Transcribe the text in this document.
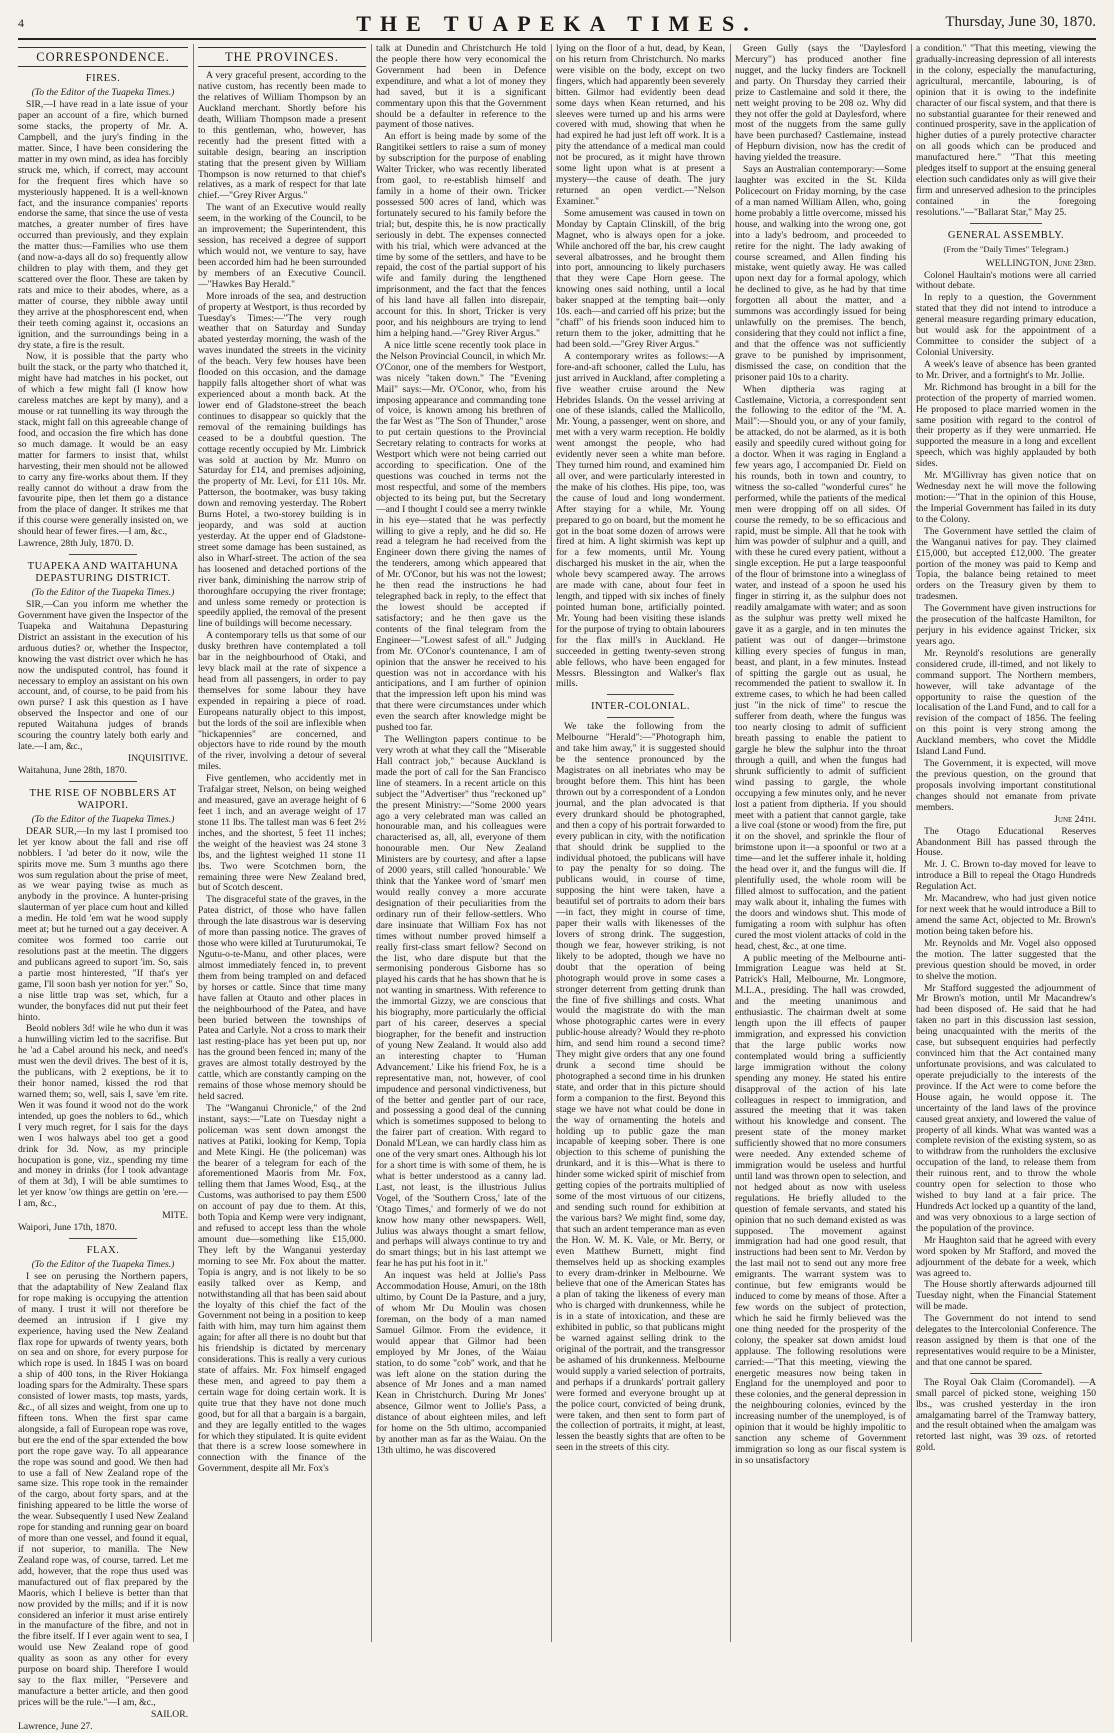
4	THE TUAPEKA TIMES.	Thursday, June 30, 1870.
CORRESPONDENCE.
FIRES.

(To the Editor of the Tuapeka Times.)

SIR,—I have read in a late issue of your paper an account of a fire, which burned some stacks, the property of Mr. A. Campbell, and the jury's finding in the matter. Since, I have been considering the matter in my own mind, as idea has forcibly struck me, which, if correct, may account for the frequent fires which have so mysteriously happened. It is a well-known fact, and the insurance companies' reports endorse the same, that since the use of vesta matches, a greater number of fires have occurred than previously, and they explain the matter thus:—Families who use them (and now-a-days all do so) frequently allow children to play with them, and they get scattered over the floor. These are taken by rats and mice to their abodes, where, as a matter of course, they nibble away until they arrive at the phosphorescent end, when their teeth coming against it, occasions an ignition, and the surroundings being in a dry state, a fire is the result.

Now, it is possible that the party who built the stack, or the party who thatched it, might have had matches in his pocket, out of which a few might fall (I know how careless matches are kept by many), and a mouse or rat tunnelling its way through the stack, might fall on this agreeable change of food, and occasion the fire which has done so much damage. It would be an easy matter for farmers to insist that, whilst harvesting, their men should not be allowed to carry any fire-works about them. If they really cannot do without a draw from the favourite pipe, then let them go a distance from the place of danger. It strikes me that if this course were generally insisted on, we should hear of fewer fires.—I am, &c.,

Lawrence, 28th July, 1870. D.

TUAPEKA AND WAITAHUNA DEPASTURING DISTRICT.

(To the Editor of the Tuapeka Times.)

SIR,—Can you inform me whether the Government have given the Inspector of the Tuapeka and Waitahuna Depasturing District an assistant in the execution of his arduous duties? or, whether the Inspector, knowing the vast district over which he has now the undisputed control, has found it necessary to employ an assistant on his own account, and, of course, to be paid from his own purse? I ask this question as I have observed the Inspector and one of our reputed Waitahuna judges of brands scouring the country lately both early and late.—I am, &c.,

INQUISITIVE.

Waitahuna, June 28th, 1870.

THE RISE OF NOBBLERS AT WAIPORI.

(To the Editor of the Tuapeka Times.)

DEAR SUR,—In my last I promised too let yer know about the fall and rise off nobblers. I 'ad beter do it now, wile the spirits move me. Sum 3 munths ago there wos sum regulation about the prise of meet, as we wear paying twise as much as anybody in the province. A hunter-prising slauterman of yer place cum hout and killed a medin. He told 'em wat he wood supply meet at; but he turned out a gay deceiver. A comitee wos formed too carrie out resolutions past at the meetin. The diggers and publicans agreed to suport 'im. So, sais a partie most hinterested, "If that's yer game, I'll soon bash yer notion for yer." So, a nise little trap was set, which, fur a wunder, the bonyfaces did nut put their feet hinto.

Beold noblers 3d! wile he who dun it was a hunwilling victim led to the sacrifise. But he 'ad a Cabel around his neck, and need's must wen the devil drives. The best of it is, the publicans, with 2 exeptions, be it to their honor named, kissed the rod that warned them; so, well, sais I, save 'em rite. Wen it was found it wood not do the work intended, up goes the noblers to 6d., which I very much regret, for I sais for the days wen I wos halways abel too get a good drink for 3d. Now, as my principle hocupation is gone, viz., spending my time and money in drinks (for I took advantage of them at 3d), I will be able sumtimes to let yer know 'ow things are gettin on 'ere.—I am, &c.,

MITE.

Waipori, June 17th, 1870.

FLAX.

(To the Editor of the Tuapeka Times.)

I see on perusing the Northern papers, that the adaptability of New Zealand flax for rope making is occupying the attention of many. I trust it will not therefore be deemed an intrusion if I give my experience, having used the New Zealand flax rope for upwards of twenty years, both on sea and on shore, for every purpose for which rope is used. In 1845 I was on board a ship of 400 tons, in the River Hokianga loading spars for the Admiralty. These spars consisted of lower masts, top masts, yards, &c., of all sizes and weight, from one up to fifteen tons. When the first spar came alongside, a fall of European rope was rove, but ere the end of the spar extended the bow port the rope gave way. To all appearance the rope was sound and good. We then had to use a fall of New Zealand rope of the same size. This rope took in the remainder of the cargo, about forty spars, and at the finishing appeared to be little the worse of the wear. Subsequently I used New Zealand rope for standing and running gear on board of more than one vessel, and found it equal, if not superior, to manilla. The New Zealand rope was, of course, tarred. Let me add, however, that the rope thus used was manufactured out of flax prepared by the Maoris, which I believe is better than that now provided by the mills; and if it is now considered an inferior it must arise entirely in the manufacture of the fibre, and not in the fibre itself. If I ever again went to sea, I would use New Zealand rope of good quality as soon as any other for every purpose on board ship. Therefore I would say to the flax miller, "Persevere and manufacture a better article, and then good prices will be the rule."—I am, &c.,

SAILOR.

Lawrence, June 27.

THE PROVINCES.

A very graceful present, according to the native custom, has recently been made to the relatives of William Thompson by an Auckland merchant. Shortly before his death, William Thompson made a present to this gentleman, who, however, has recently had the present fitted with a suitable design, bearing an inscription stating that the present given by William Thompson is now returned to that chief's relatives, as a mark of respect for that late chief.—"Grey River Argus."

The want of an Executive would really seem, in the working of the Council, to be an improvement; the Superintendent, this session, has received a degree of support which would not, we venture to say, have been accorded him had he been surrounded by members of an Executive Council.—"Hawkes Bay Herald."

More inroads of the sea, and destruction of property at Westport, is thus recorded by Tuesday's Times:—"The very rough weather that on Saturday and Sunday abated yesterday morning, the wash of the waves inundated the streets in the vicinity of the beach. Very few houses have been flooded on this occasion, and the damage happily falls altogether short of what was experienced about a month back. At the lower end of Gladstone-street the beach continues to disappear so quickly that the removal of the remaining buildings has ceased to be a doubtful question. The cottage recently occupied by Mr. Limbrick was sold at auction by Mr. Munro on Saturday for £14, and premises adjoining, the property of Mr. Levi, for £11 10s. Mr. Patterson, the bootmaker, was busy taking down and removing yesterday. The Robert Burns Hotel, a two-storey building is in jeopardy, and was sold at auction yesterday. At the upper end of Gladstone-street some damage has been sustained, as also in Wharf-street. The action of the sea has loosened and detached portions of the river bank, diminishing the narrow strip of thoroughfare occupying the river frontage; and unless some remedy or protection is speedily applied, the removal of the present line of buildings will become necessary.

A contemporary tells us that some of our dusky brethren have contemplated a toll bar in the neighbourhood of Otaki, and levy black mail at the rate of sixpence a head from all passengers, in order to pay themselves for some labour they have expended in repairing a piece of road. Europeans naturally object to this impost, but the lords of the soil are inflexible when "hickapennies" are concerned, and objectors have to ride round by the mouth of the river, involving a detour of several miles.

Five gentlemen, who accidently met in Trafalgar street, Nelson, on being weighed and measured, gave an average height of 6 feet 1 inch, and an average weight of 17 stone 11 lbs. The tallest man was 6 feet 2½ inches, and the shortest, 5 feet 11 inches; the weight of the heaviest was 24 stone 3 lbs, and the lightest weighed 11 stone 11 lbs. Two were Scotchmen born, the remaining three were New Zealand bred, but of Scotch descent.

The disgraceful state of the graves, in the Patea district, of those who have fallen through the late disastrous war is deserving of more than passing notice. The graves of those who were killed at Turuturumokai, Te Ngutu-o-te-Manu, and other places, were almost immediately fenced in, to prevent them from being trampled on and defaced by horses or cattle. Since that time many have fallen at Otauto and other places in the neighbourhood of the Patea, and have been buried between the townships of Patea and Carlyle. Not a cross to mark their last resting-place has yet been put up, nor has the ground been fenced in; many of the graves are almost totally destroyed by the cattle, which are constantly camping on the remains of those whose memory should be held sacred.

The "Wanganui Chronicle," of the 2nd instant, says:—"Late on Tuesday night a policeman was sent down amongst the natives at Patiki, looking for Kemp, Topia and Mete Kingi. He (the policeman) was the bearer of a telegram for each of the aforementioned Maoris from Mr. Fox, telling them that James Wood, Esq., at the Customs, was authorised to pay them £500 on account of pay due to them. At this, both Topia and Kemp were very indignant, and refused to accept less than the whole amount due—something like £15,000. They left by the Wanganui yesterday morning to see Mr. Fox about the matter. Topia is angry, and is not likely to be so easily talked over as Kemp, and notwithstanding all that has been said about the loyalty of this chief the fact of the Government not being in a position to keep faith with him, may turn him against them again; for after all there is no doubt but that his friendship is dictated by mercenary considerations. This is really a very curious state of affairs. Mr. Fox himself engaged these men, and agreed to pay them a certain wage for doing certain work. It is quite true that they have not done much good, but for all that a bargain is a bargain, and they are legally entitled to the wages for which they stipulated. It is quite evident that there is a screw loose somewhere in connection with the finance of the Government, despite all Mr. Fox's

talk at Dunedin and Christchurch He told the people there how very economical the Government had been in Defence expenditure, and what a lot of money they had saved, but it is a significant commentary upon this that the Government should be a defaulter in reference to the payment of those natives.

An effort is being made by some of the Rangitikei settlers to raise a sum of money by subscription for the purpose of enabling Walter Tricker, who was recently liberated from gaol, to re-establish himself and family in a home of their own. Tricker possessed 500 acres of land, which was fortunately secured to his family before the trial; but, despite this, he is now practically seriously in debt. The expenses connected with his trial, which were advanced at the time by some of the settlers, and have to be repaid, the cost of the partial support of his wife and family during the lengthened imprisonment, and the fact that the fences of his land have all fallen into disrepair, account for this. In short, Tricker is very poor, and his neighbours are trying to lend him a helping hand.—"Grey River Argus."

A nice little scene recently took place in the Nelson Provincial Council, in which Mr. O'Conor, one of the members for Westport, was nicely "taken down." The "Evening Mail" says:—Mr. O'Conor, who, from his imposing appearance and commanding tone of voice, is known among his brethren of the far West as "The Son of Thunder," arose to put certain questions to the Provincial Secretary relating to contracts for works at Westport which were not being carried out according to specification. One of the questions was couched in terms not the most respectful, and some of the members objected to its being put, but the Secretary—and I thought I could see a merry twinkle in his eye—stated that he was perfectly willing to give a reply, and he did so. He read a telegram he had received from the Engineer down there giving the names of the tenderers, among which appeared that of Mr. O'Conor, but his was not the lowest; he then read the instructions he had telegraphed back in reply, to the effect that the lowest should be accepted if satisfactory; and he then gave us the contents of the final telegram from the Engineer—"Lowest safest of all." Judging from Mr. O'Conor's countenance, I am of opinion that the answer he received to his question was not in accordance with his anticipations, and I am further of opinion that the impression left upon his mind was that there were circumstances under which even the search after knowledge might be pushed too far.

The Wellington papers continue to be very wroth at what they call the "Miserable Hall contract job," because Auckland is made the port of call for the San Francisco line of steamers. In a recent article on this subject the "Advertiser" thus "reckoned up" the present Ministry:—"Some 2000 years ago a very celebrated man was called an honourable man, and his colleagues were characterised as, all, all, everyone of them honourable men. Our New Zealand Ministers are by courtesy, and after a lapse of 2000 years, still called 'honourable.' We think that the Yankee word of 'smart' men would really convey a more accurate designation of their peculiarities from the ordinary run of their fellow-settlers. Who dare insinuate that William Fox has not times without number proved himself a really first-class smart fellow? Second on the list, who dare dispute but that the sermonising ponderous Gisborne has so played his cards that he has shown that he is not wanting in smartness. With reference to the immortal Gizzy, we are conscious that his biography, more particularly the official part of his career, deserves a special biographer, for the benefit and instruction of young New Zealand. It would also add an interesting chapter to 'Human Advancement.' Like his friend Fox, he is a representative man, not, however, of cool impudence and personal vindictiveness, but of the better and gentler part of our race, and possessing a good deal of the cunning which is sometimes supposed to belong to the fairer part of creation. With regard to Donald M'Lean, we can hardly class him as one of the very smart ones. Although his lot for a short time is with some of them, he is what is better understood as a canny lad. Last, not least, is the illustrious Julius Vogel, of the 'Southern Cross,' late of the 'Otago Times,' and formerly of we do not know how many other newspapers. Well, Julius was always thought a smart fellow, and perhaps will always continue to try and do smart things; but in his last attempt we fear he has put his foot in it."

An inquest was held at Jollie's Pass Accommodation House, Amuri, on the 18th ultimo, by Count De la Pasture, and a jury, of whom Mr Du Moulin was chosen foreman, on the body of a man named Samuel Gilmor. From the evidence, it would appear that Gilmor had been employed by Mr Jones, of the Waiau station, to do some "cob" work, and that he was left alone on the station during the absence of Mr Jones and a man named Kean in Christchurch. During Mr Jones' absence, Gilmor went to Jollie's Pass, a distance of about eighteen miles, and left for home on the 5th ultimo, accompanied by another man as far as the Waiau. On the 13th ultimo, he was discovered

lying on the floor of a hut, dead, by Kean, on his return from Christchurch. No marks were visible on the body, except on two fingers, which had apparently been severely bitten. Gilmor had evidently been dead some days when Kean returned, and his sleeves were turned up and his arms were covered with mud, showing that when he had expired he had just left off work. It is a pity the attendance of a medical man could not be procured, as it might have thrown some light upon what is at present a mystery—the cause of death. The jury returned an open verdict.—"Nelson Examiner."

Some amusement was caused in town on Monday by Captain Clinskill, of the brig Magnet, who is always open for a joke. While anchored off the bar, his crew caught several albatrosses, and he brought them into port, announcing to likely purchasers that they were Cape Horn geese. The knowing ones said nothing, until a local baker snapped at the tempting bait—only 10s. each—and carried off his prize; but the "chaff" of his friends soon induced him to return them to the joker, admitting that he had been sold.—"Grey River Argus."

A contemporary writes as follows:—A fore-and-aft schooner, called the Lulu, has just arrived in Auckland, after completing a five weather cruise around the New Hebrides Islands. On the vessel arriving at one of these islands, called the Mallicollo, Mr. Young, a passenger, went on shore, and met with a very warm reception. He boldly went amongst the people, who had evidently never seen a white man before. They turned him round, and examined him all over, and were particularly interested in the make of his clothes. His pipe, too, was the cause of loud and long wonderment. After staying for a while, Mr. Young prepared to go on board, but the moment he got in the boat some dozen of arrows were fired at him. A light skirmish was kept up for a few moments, until Mr. Young discharged his musket in the air, when the whole bevy scampered away. The arrows are made with cane, about four feet in length, and tipped with six inches of finely pointed human bone, artificially pointed. Mr. Young had been visiting these islands for the purpose of trying to obtain labourers for the flax mill's in Auckland. He succeeded in getting twenty-seven strong able fellows, who have been engaged for Messrs. Blessington and Walker's flax mills.

INTER-COLONIAL.

We take the following from the Melbourne "Herald":—"Photograph him, and take him away," it is suggested should be the sentence pronounced by the Magistrates on all inebriates who may be brought before them. This hint has been thrown out by a correspondent of a London journal, and the plan advocated is that every drunkard should be photographed, and then a copy of his portrait forwarded to every publican in city, with the notification that should drink be supplied to the individual photoed, the publicans will have to pay the penalty for so doing. The publicans would, in course of time, supposing the hint were taken, have a beautiful set of portraits to adorn their bars—in fact, they might in course of time, paper their walls with likenesses of the lovers of strong drink. The suggestion, though we fear, however striking, is not likely to be adopted, though we have no doubt that the operation of being photograph would prove in some cases a stronger deterrent from getting drunk than the fine of five shillings and costs. What would the magistrate do with the man whose photographic cartes were in every public-house already? Would they re-photo him, and send him round a second time? They might give orders that any one found drunk a second time should be photographed a second time in his drunken state, and order that in this picture should form a companion to the first. Beyond this stage we have not what could be done in the way of ornamenting the hotels and holding up to public gaze the man incapable of keeping sober. There is one objection to this scheme of punishing the drunkard, and it is this—What is there to hinder some wicked spirit of mischief from getting copies of the portraits multiplied of some of the most virtuous of our citizens, and sending such round for exhibition at the various bars? We might find, some day, that such an ardent temperance man as even the Hon. W. M. K. Vale, or Mr. Berry, or even Matthew Burnett, might find themselves held up as shocking examples to every dram-drinker in Melbourne. We believe that one of the American States has a plan of taking the likeness of every man who is charged with drunkenness, while he is in a state of intoxication, and these are exhibited in public, so that publicans might be warned against selling drink to the original of the portrait, and the transgressor be ashamed of his drunkenness. Melbourne would supply a varied selection of portraits, and perhaps if a drunkards' portrait gallery were formed and everyone brought up at the police court, convicted of being drunk, were taken, and then sent to form part of the collection of portraits, it might, at least, lessen the beastly sights that are often to be seen in the streets of this city.

Green Gully (says the "Daylesford Mercury") has produced another fine nugget, and the lucky finders are Tocknell and party. On Thursday they carried their prize to Castlemaine and sold it there, the nett weight proving to be 208 oz. Why did they not offer the gold at Daylesford, where most of the nuggets from the same gully have been purchased? Castlemaine, instead of Hepburn division, now has the credit of having yielded the treasure.

Says an Australian contemporary:—Some laughter was excited in the St. Kilda Policecourt on Friday morning, by the case of a man named William Allen, who, going home probably a little overcome, missed his house, and walking into the wrong one, got into a lady's bedroom, and proceeded to retire for the night. The lady awaking of course screamed, and Allen finding his mistake, went quietly away. He was called upon next day for a formal apology, which he declined to give, as he had by that time forgotten all about the matter, and a summons was accordingly issued for being unlawfully on the premises. The bench, considering that they could not inflict a fine, and that the offence was not sufficiently grave to be punished by imprisonment, dismissed the case, on condition that the prisoner paid 10s to a charity.

When diptheria was raging at Castlemaine, Victoria, a correspondent sent the following to the editor of the "M. A. Mail":—Should you, or any of your family, be attacked, do not be alarmed, as it is both easily and speedily cured without going for a doctor. When it was raging in England a few years ago, I accompanied Dr. Field on his rounds, both in town and country, to witness the so-called "wonderful cures" he performed, while the patients of the medical men were dropping off on all sides. Of course the remedy, to be so efficacious and rapid, must be simple. All that he took with him was powder of sulphur and a quill, and with these he cured every patient, without a single exception. He put a large teaspoonful of the flour of brimstone into a wineglass of water, and instead of a spoon he used his finger in stirring it, as the sulphur does not readily amalgamate with water; and as soon as the sulphur was pretty well mixed he gave it as a gargle, and in ten minutes the patient was out of danger—brimstone killing every species of fungus in man, beast, and plant, in a few minutes. Instead of spitting the gargle out as usual, he recommended the patient to swallow it. In extreme cases, to which he had been called just "in the nick of time" to rescue the sufferer from death, where the fungus was too nearly closing to admit of sufficient breath passing to enable the patient to gargle he blew the sulphur into the throat through a quill, and when the fungus had shrunk sufficiently to admit of sufficient wind passing to gargle, the whole occupying a few minutes only, and he never lost a patient from diptheria. If you should meet with a patient that cannot gargle, take a live coal (stone or wood) from the fire, put it on the shovel, and sprinkle the flour of brimstone upon it—a spoonful or two at a time—and let the sufferer inhale it, holding the head over it, and the fungus will die. If plentifully used, the whole room will be filled almost to suffocation, and the patient may walk about it, inhaling the fumes with the doors and windows shut. This mode of fumigating a room with sulphur has often cured the most violent attacks of cold in the head, chest, &c., at one time.

A public meeting of the Melbourne anti-Immigration League was held at St. Patrick's Hall, Melbourne, Mr. Longmore, M.L.A., presiding. The hall was crowded, and the meeting unanimous and enthusiastic. The chairman dwelt at some length upon the ill effects of pauper immigration, and expressed his conviction that the large public works now contemplated would bring a sufficiently large immigration without the colony spending any money. He stated his entire disapproval of the action of his late colleagues in respect to immigration, and assured the meeting that it was taken without his knowledge and consent. The present state of the money market sufficiently showed that no more consumers were needed. Any extended scheme of immigration would be useless and hurtful until land was thrown open to selection, and not hedged about as now with useless regulations. He briefly alluded to the question of female servants, and stated his opinion that no such demand existed as was supposed. The movement against immigration had had one good result, that instructions had been sent to Mr. Verdon by the last mail not to send out any more free emigrants. The warrant system was to continue, but few emigrants would be induced to come by means of those. After a few words on the subject of protection, which he said he firmly believed was the one thing needed for the prosperity of the colony, the speaker sat down amidst loud applause. The following resolutions were carried:—"That this meeting, viewing the energetic measures now being taken in England for the unemployed and poor to these colonies, and the general depression in the neighbouring colonies, evinced by the increasing number of the unemployed, is of opinion that it would be highly impolitic to sanction any scheme of Government immigration so long as our fiscal system is in so unsatisfactory

a condition." "That this meeting, viewing the gradually-increasing depression of all interests in the colony, especially the manufacturing, agricultural, mercantile, labouring, is of opinion that it is owing to the indefinite character of our fiscal system, and that there is no substantial guarantee for their renewed and continued prosperity, save in the application of higher duties of a purely protective character on all goods which can be produced and manufactured here." "That this meeting pledges itself to support at the ensuing general election such candidates only as will give their firm and unreserved adhesion to the principles contained in the foregoing resolutions."—"Ballarat Star," May 25.

GENERAL ASSEMBLY.
(From the "Daily Times" Telegram.)

WELLINGTON, June 23rd.

Colonel Haultain's motions were all carried without debate.

In reply to a question, the Government stated that they did not intend to introduce a general measure regarding primary education, but would ask for the appointment of a Committee to consider the subject of a Colonial University.

A week's leave of absence has been granted to Mr. Driver, and a fortnight's to Mr. Jollie.

Mr. Richmond has brought in a bill for the protection of the property of married women. He proposed to place married women in the same position with regard to the control of their property as if they were unmarried. He supported the measure in a long and excellent speech, which was highly applauded by both sides.

Mr. M'Gillivray has given notice that on Wednesday next he will move the following motion:—"That in the opinion of this House, the Imperial Government has failed in its duty to the Colony.

The Government have settled the claim of the Wanganui natives for pay. They claimed £15,000, but accepted £12,000. The greater portion of the money was paid to Kemp and Topia, the balance being retained to meet orders on the Treasury given by them to tradesmen.

The Government have given instructions for the prosecution of the halfcaste Hamilton, for perjury in his evidence against Tricker, six years ago.

Mr. Reynold's resolutions are generally considered crude, ill-timed, and not likely to command support. The Northern members, however, will take advantage of the opportunity to raise the question of the localisation of the Land Fund, and to call for a revision of the compact of 1856. The feeling on this point is very strong among the Auckland members, who covet the Middle Island Land Fund.

The Government, it is expected, will move the previous question, on the ground that proposals involving important constitutional changes should not emanate from private members.

June 24th.

The Otago Educational Reserves Abandonment Bill has passed through the House.

Mr. J. C. Brown to-day moved for leave to introduce a Bill to repeal the Otago Hundreds Regulation Act.

Mr. Macandrew, who had just given notice for next week that he would introduce a Bill to amend the same Act, objected to Mr. Brown's motion being taken before his.

Mr. Reynolds and Mr. Vogel also opposed the motion. The latter suggested that the previous question should be moved, in order to shelve the motion.

Mr Stafford suggested the adjournment of Mr Brown's motion, until Mr Macandrew's had been disposed of. He said that he had taken no part in this discussion last session, being unacquainted with the merits of the case, but subsequent enquiries had perfectly convinced him that the Act contained many unfortunate provisions, and was calculated to operate prejudicially to the interests of the province. If the Act were to come before the House again, he would oppose it. The uncertainty of the land laws of the province caused great anxiety, and lowered the value of property of all kinds. What was wanted was a complete revision of the existing system, so as to withdraw from the runholders the exclusive occupation of the land, to release them from their ruinous rent, and to throw the whole country open for selection to those who wished to buy land at a fair price. The Hundreds Act locked up a quantity of the land, and was very obnoxious to a large section of the population of the province.

Mr Haughton said that he agreed with every word spoken by Mr Stafford, and moved the adjournment of the debate for a week, which was agreed to.

The House shortly afterwards adjourned till Tuesday night, when the Financial Statement will be made.

The Government do not intend to send delegates to the Intercolonial Conference. The reason assigned by them is that one of the representatives would require to be a Minister, and that one cannot be spared.

The Royal Oak Claim (Coromandel). —A small parcel of picked stone, weighing 150 lbs., was crushed yesterday in the iron amalgamating barrel of the Tramway battery, and the result obtained when the amalgam was retorted last night, was 39 ozs. of retorted gold.
